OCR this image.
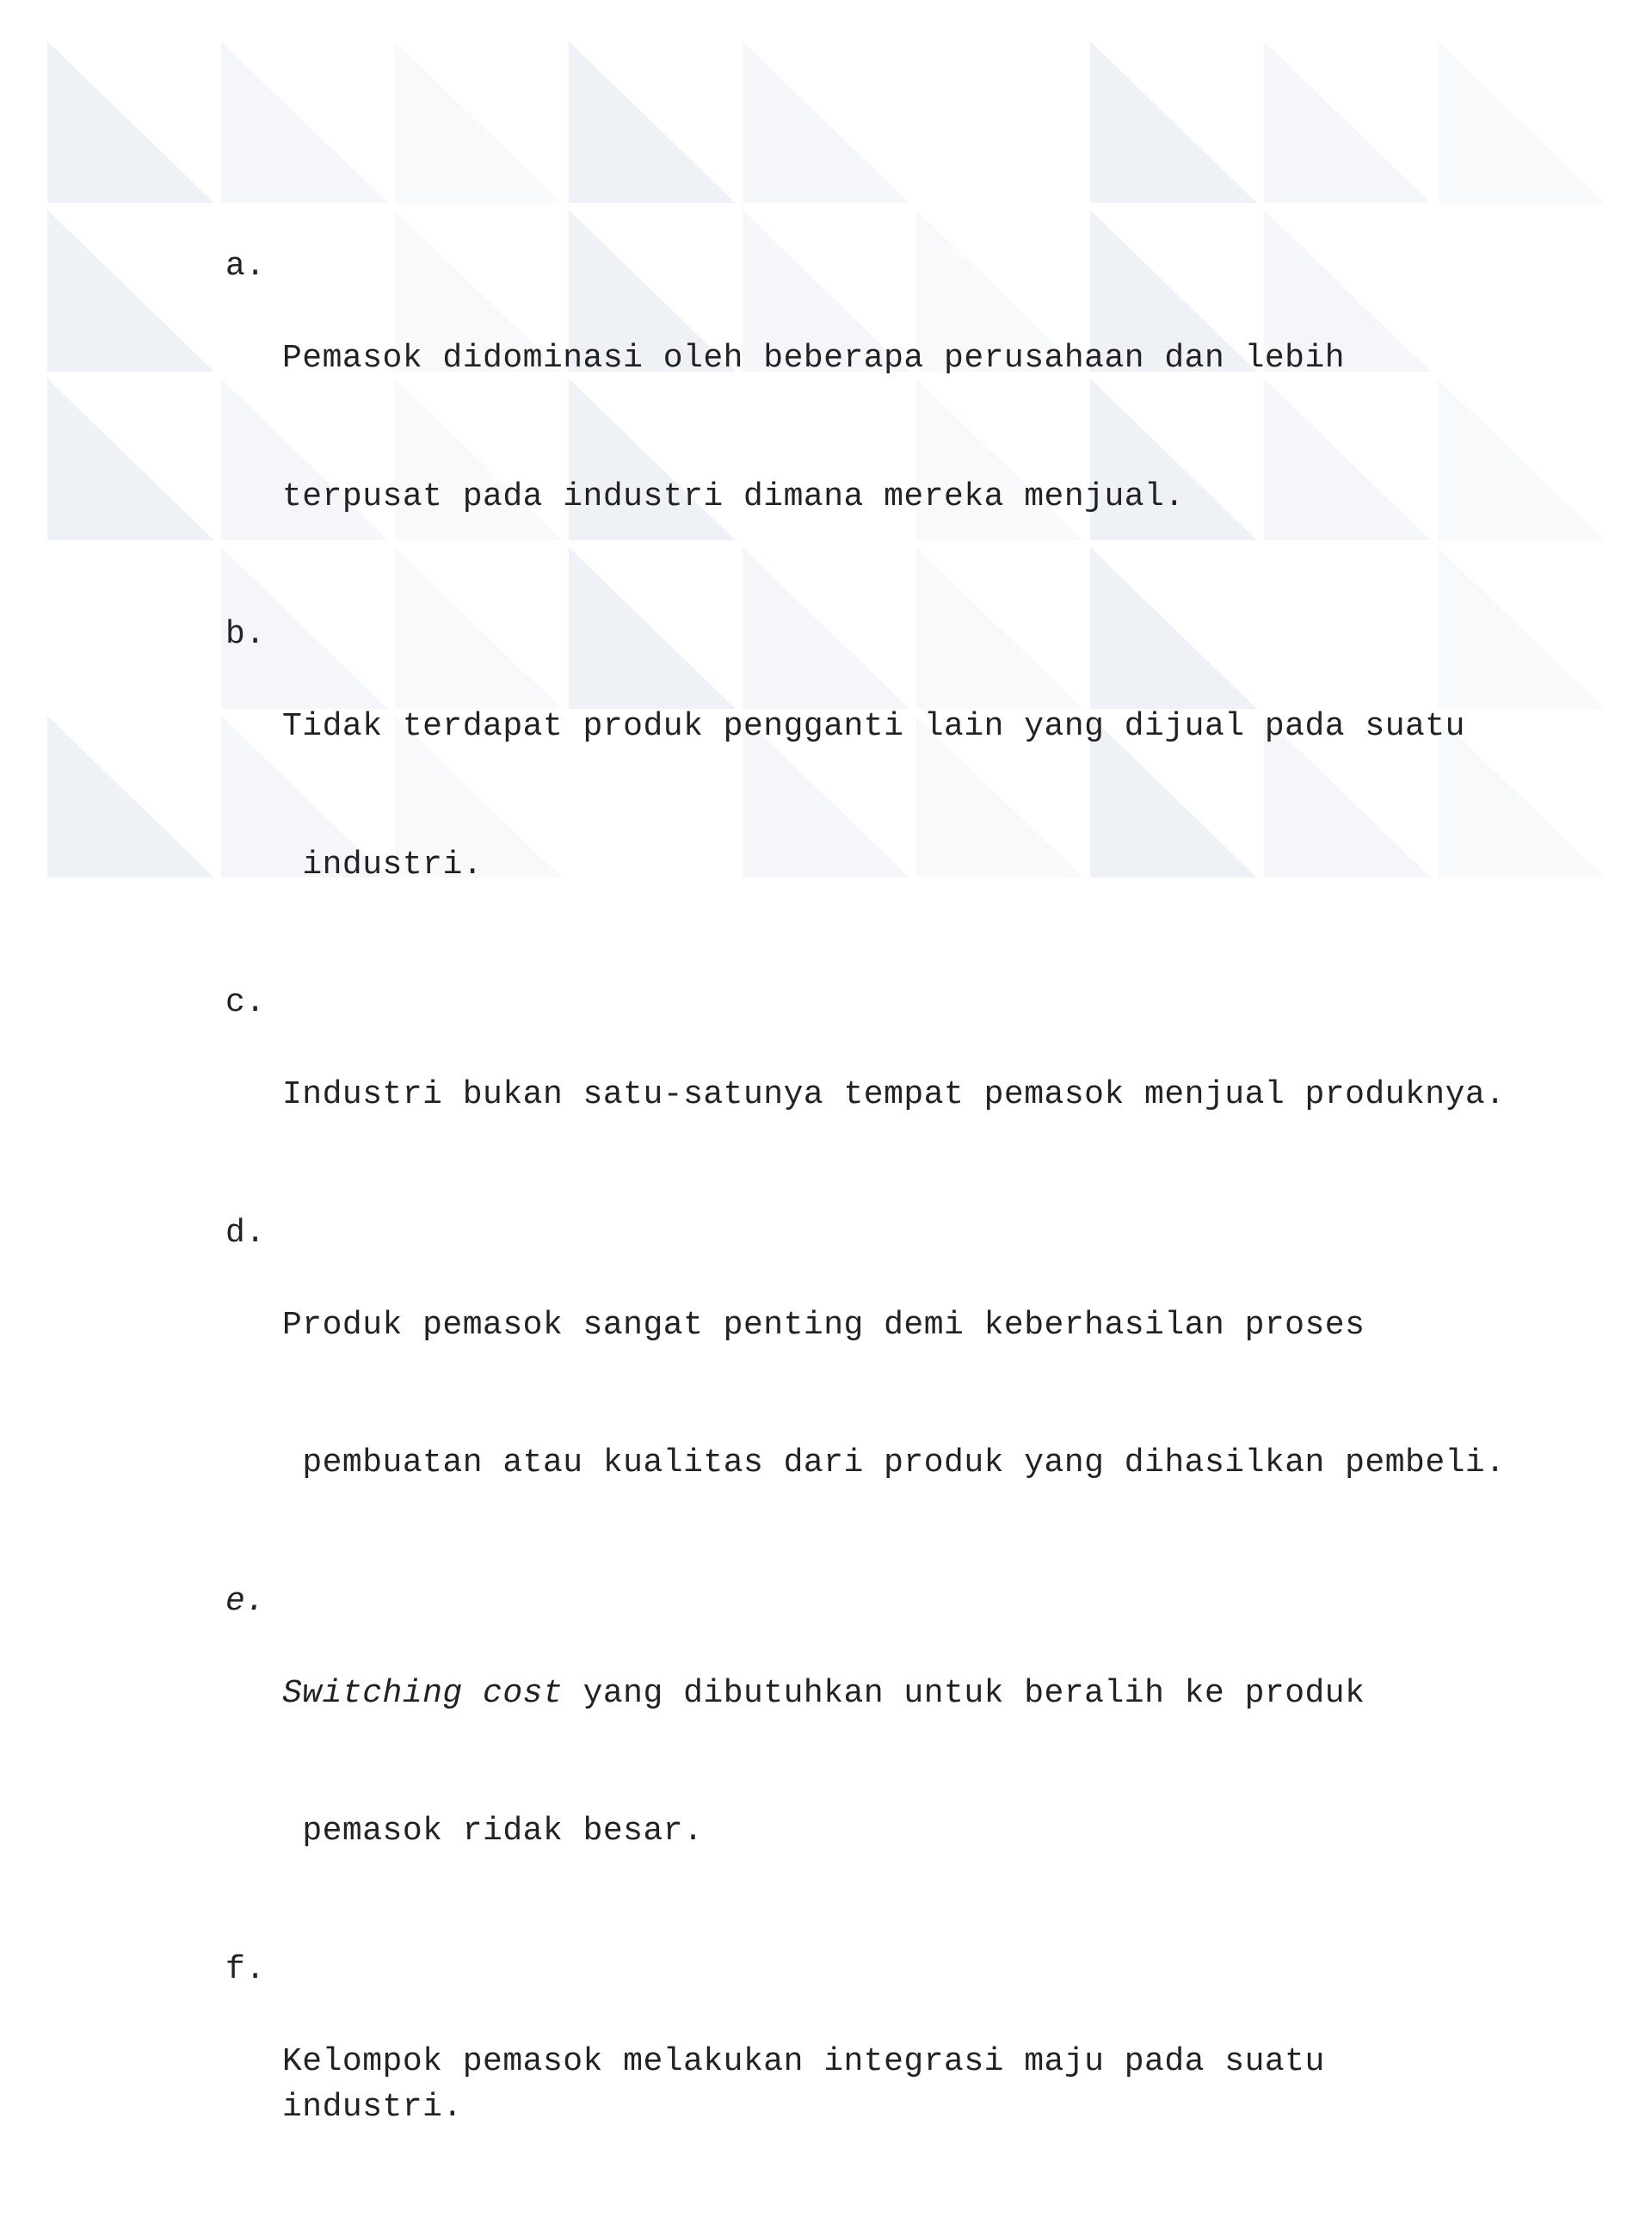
a.

Pemasok didominasi oleh beberapa perusahaan dan lebih

terpusat pada industri dimana mereka menjual.

b.

Tidak terdapat produk pengganti lain yang dijual pada suatu

industri.

c.

Industri bukan satu-satunya tempat pemasok menjual produknya.

d.

Produk pemasok sangat penting demi keberhasilan proses

pembuatan atau kualitas dari produk yang dihasilkan pembeli.

e.

Switching cost yang dibutuhkan untuk beralih ke produk

pemasok ridak besar.

f.

Kelompok pemasok melakukan integrasi maju pada suatu industri.
